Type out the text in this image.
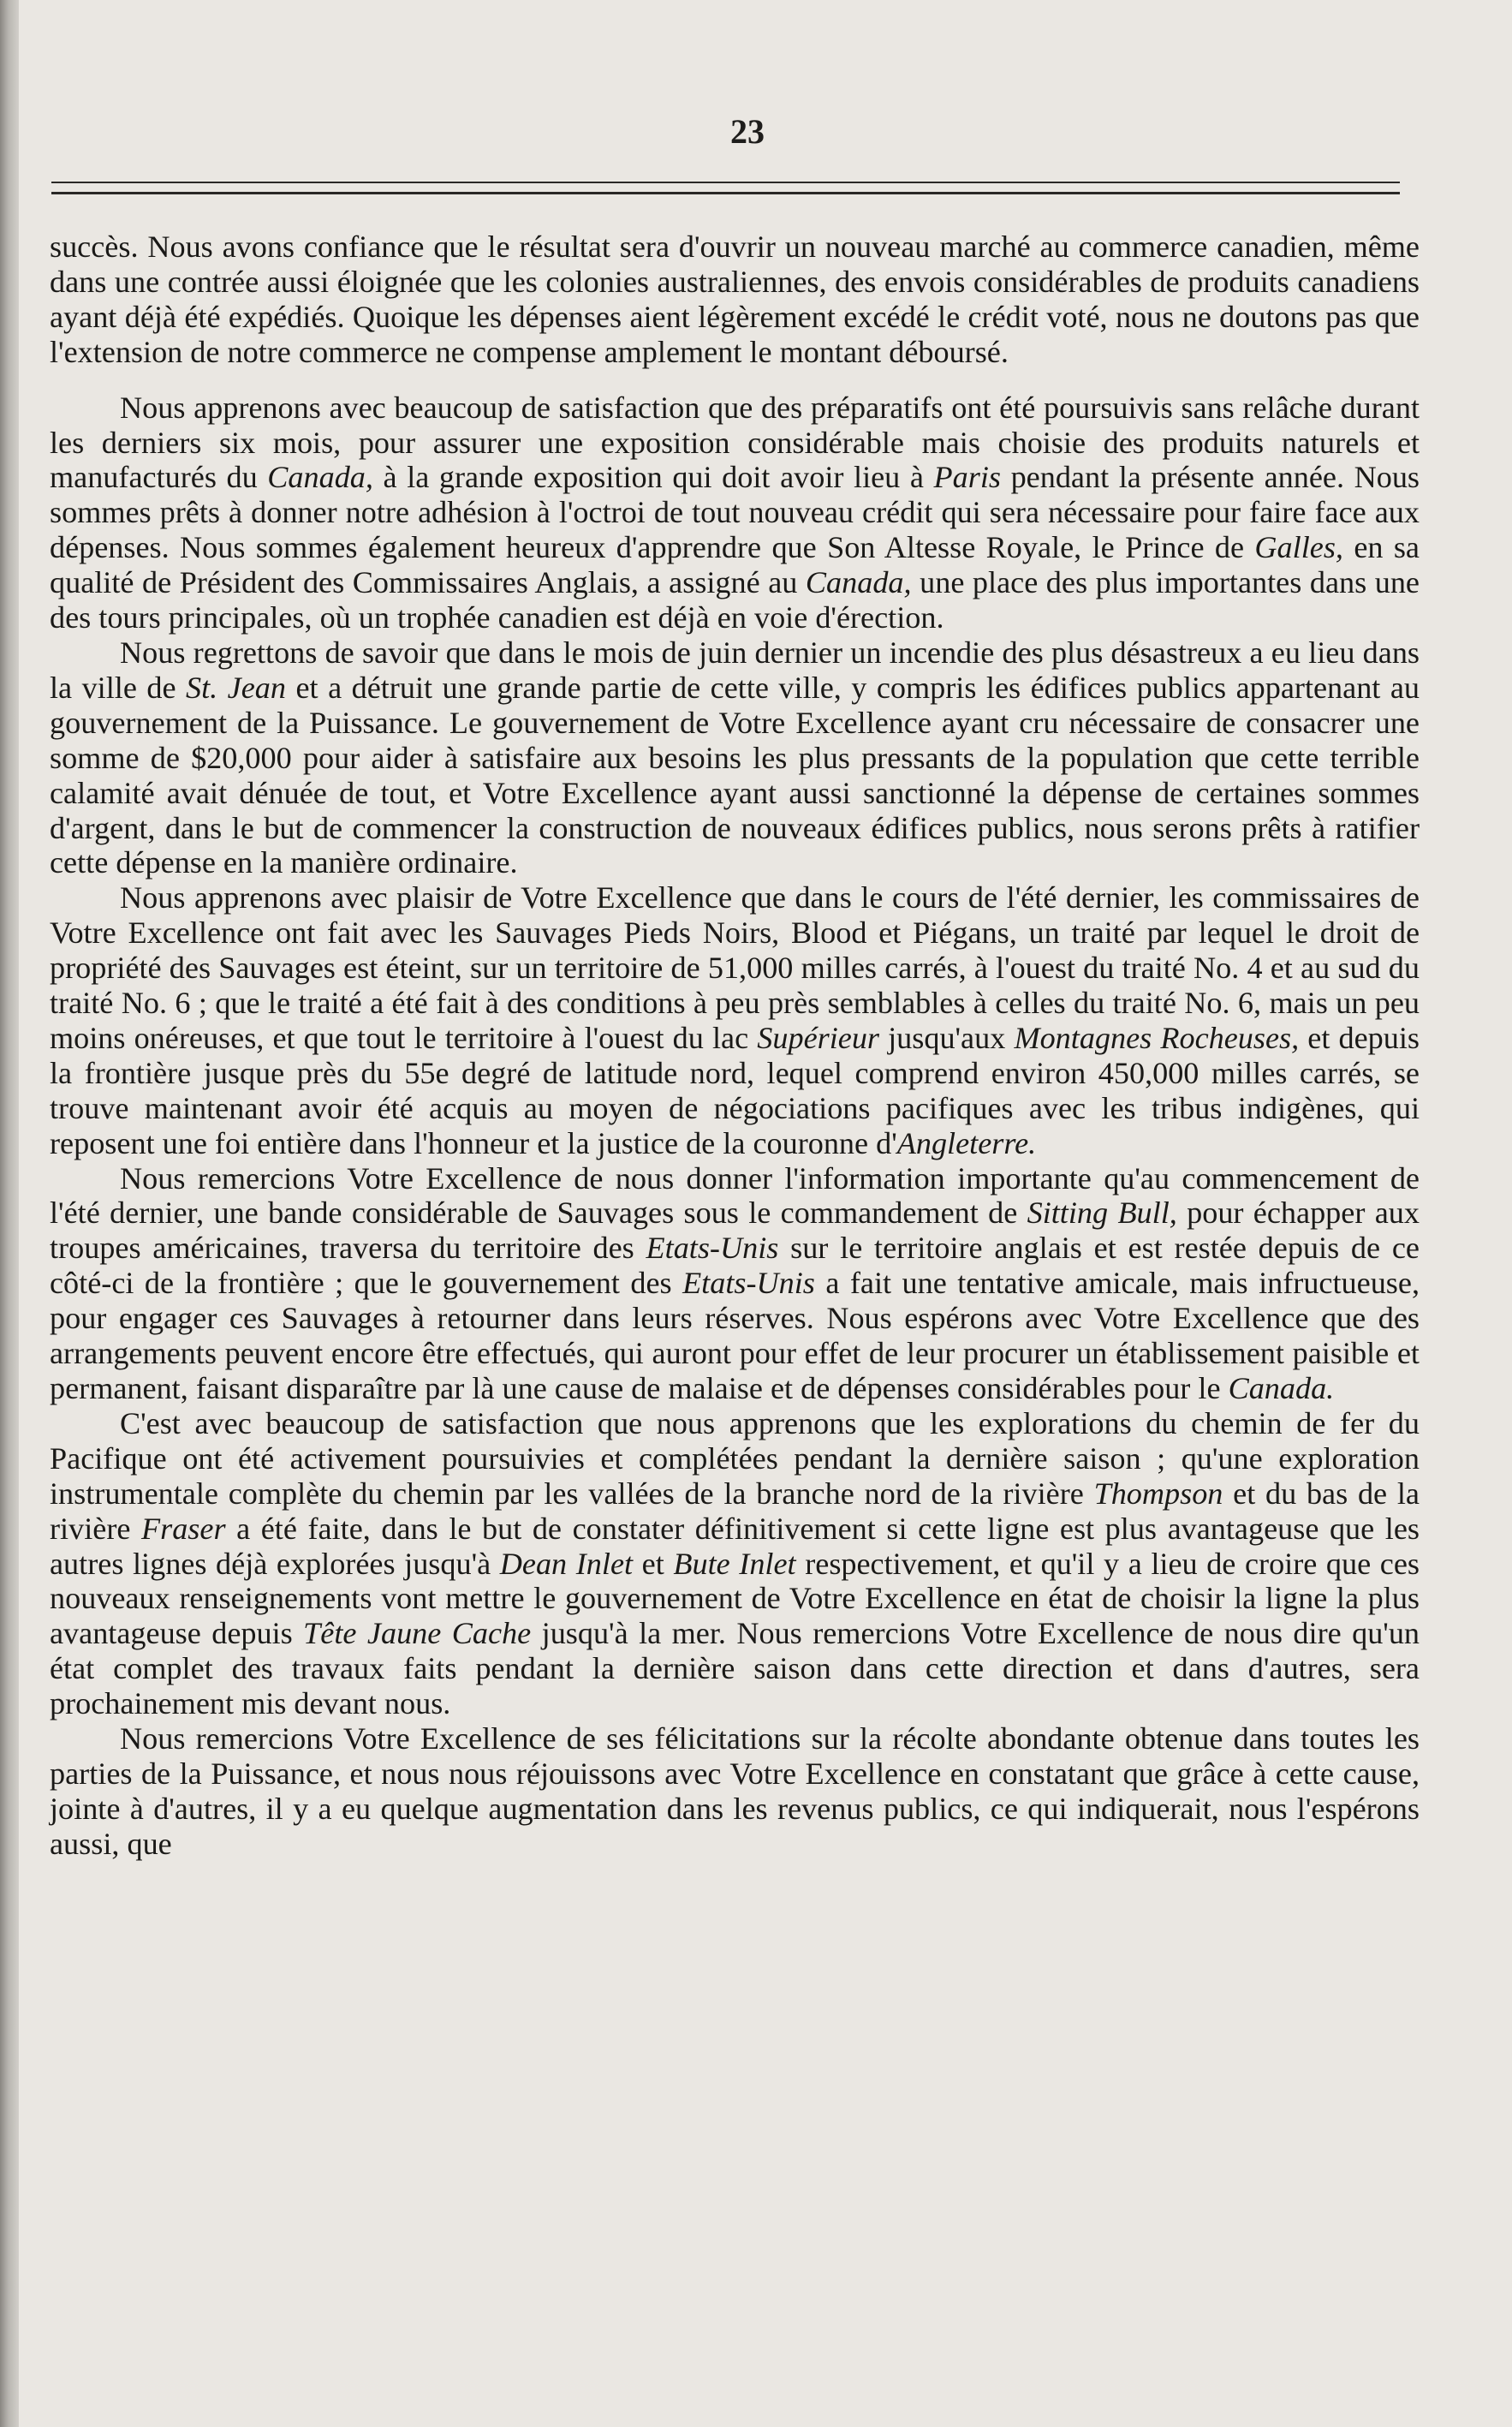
23

succès. Nous avons confiance que le résultat sera d'ouvrir un nouveau marché au commerce canadien, même dans une contrée aussi éloignée que les colonies australiennes, des envois considérables de produits canadiens ayant déjà été expédiés. Quoique les dépenses aient légèrement excédé le crédit voté, nous ne doutons pas que l'extension de notre commerce ne compense amplement le montant déboursé.

Nous apprenons avec beaucoup de satisfaction que des préparatifs ont été poursuivis sans relâche durant les derniers six mois, pour assurer une exposition considérable mais choisie des produits naturels et manufacturés du Canada, à la grande exposition qui doit avoir lieu à Paris pendant la présente année. Nous sommes prêts à donner notre adhésion à l'octroi de tout nouveau crédit qui sera nécessaire pour faire face aux dépenses. Nous sommes également heureux d'apprendre que Son Altesse Royale, le Prince de Galles, en sa qualité de Président des Commissaires Anglais, a assigné au Canada, une place des plus importantes dans une des tours principales, où un trophée canadien est déjà en voie d'érection.

Nous regrettons de savoir que dans le mois de juin dernier un incendie des plus désastreux a eu lieu dans la ville de St. Jean et a détruit une grande partie de cette ville, y compris les édifices publics appartenant au gouvernement de la Puissance. Le gouvernement de Votre Excellence ayant cru nécessaire de consacrer une somme de $20,000 pour aider à satisfaire aux besoins les plus pressants de la population que cette terrible calamité avait dénuée de tout, et Votre Excellence ayant aussi sanctionné la dépense de certaines sommes d'argent, dans le but de commencer la construction de nouveaux édifices publics, nous serons prêts à ratifier cette dépense en la manière ordinaire.

Nous apprenons avec plaisir de Votre Excellence que dans le cours de l'été dernier, les commissaires de Votre Excellence ont fait avec les Sauvages Pieds Noirs, Blood et Piégans, un traité par lequel le droit de propriété des Sauvages est éteint, sur un territoire de 51,000 milles carrés, à l'ouest du traité No. 4 et au sud du traité No. 6 ; que le traité a été fait à des conditions à peu près semblables à celles du traité No. 6, mais un peu moins onéreuses, et que tout le territoire à l'ouest du lac Supérieur jusqu'aux Montagnes Rocheuses, et depuis la frontière jusque près du 55e degré de latitude nord, lequel comprend environ 450,000 milles carrés, se trouve maintenant avoir été acquis au moyen de négociations pacifiques avec les tribus indigènes, qui reposent une foi entière dans l'honneur et la justice de la couronne d'Angleterre.

Nous remercions Votre Excellence de nous donner l'information importante qu'au commencement de l'été dernier, une bande considérable de Sauvages sous le commandement de Sitting Bull, pour échapper aux troupes américaines, traversa du territoire des Etats-Unis sur le territoire anglais et est restée depuis de ce côté-ci de la frontière ; que le gouvernement des Etats-Unis a fait une tentative amicale, mais infructueuse, pour engager ces Sauvages à retourner dans leurs réserves. Nous espérons avec Votre Excellence que des arrangements peuvent encore être effectués, qui auront pour effet de leur procurer un établissement paisible et permanent, faisant disparaître par là une cause de malaise et de dépenses considérables pour le Canada.

C'est avec beaucoup de satisfaction que nous apprenons que les explorations du chemin de fer du Pacifique ont été activement poursuivies et complétées pendant la dernière saison ; qu'une exploration instrumentale complète du chemin par les vallées de la branche nord de la rivière Thompson et du bas de la rivière Fraser a été faite, dans le but de constater définitivement si cette ligne est plus avantageuse que les autres lignes déjà explorées jusqu'à Dean Inlet et Bute Inlet respectivement, et qu'il y a lieu de croire que ces nouveaux renseignements vont mettre le gouvernement de Votre Excellence en état de choisir la ligne la plus avantageuse depuis Tête Jaune Cache jusqu'à la mer. Nous remercions Votre Excellence de nous dire qu'un état complet des travaux faits pendant la dernière saison dans cette direction et dans d'autres, sera prochainement mis devant nous.

Nous remercions Votre Excellence de ses félicitations sur la récolte abondante obtenue dans toutes les parties de la Puissance, et nous nous réjouissons avec Votre Excellence en constatant que grâce à cette cause, jointe à d'autres, il y a eu quelque augmentation dans les revenus publics, ce qui indiquerait, nous l'espérons aussi, que
